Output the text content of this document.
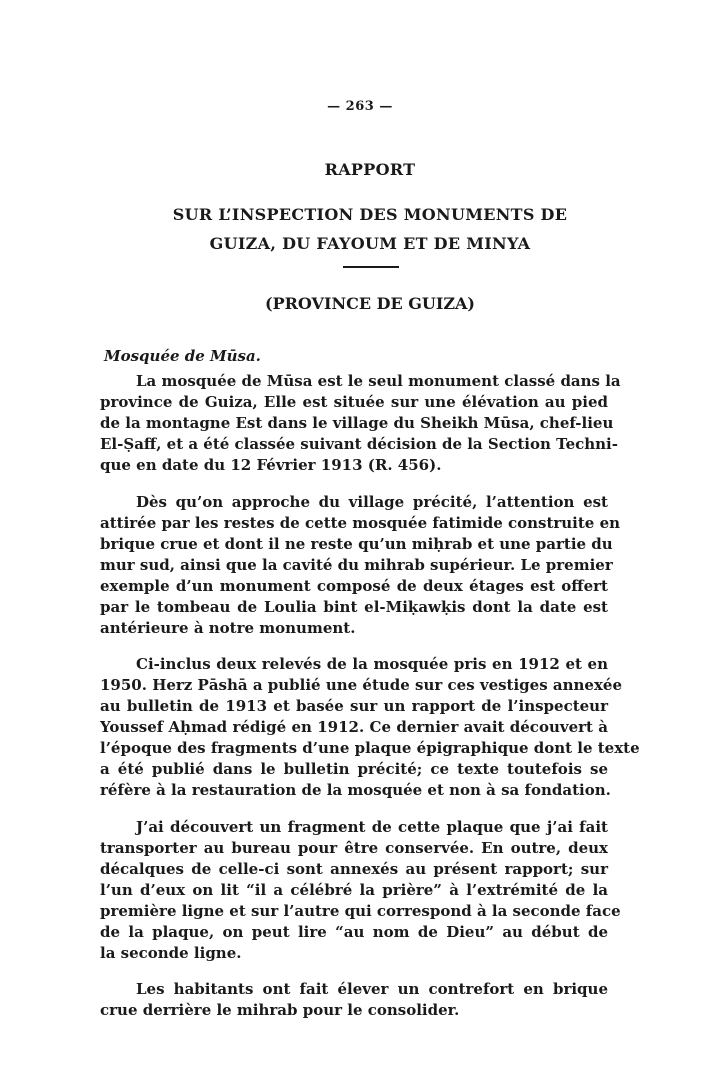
— 263 —
RAPPORT
SUR L’INSPECTION DES MONUMENTS DE
GUIZA, DU FAYOUM ET DE MINYA
(PROVINCE DE GUIZA)
Mosquée de Mūsa.
La mosquée de Mūsa est le seul monument classé dans la
province de Guiza, Elle est située sur une élévation au pied
de la montagne Est dans le village du Sheikh Mūsa, chef-lieu
El-Ṣaff, et a été classée suivant décision de la Section Techni-
que en date du 12 Février 1913 (R. 456).
Dès qu’on approche du village précité, l’attention est
attirée par les restes de cette mosquée fatimide construite en
brique crue et dont il ne reste qu’un miḥrab et une partie du
mur sud, ainsi que la cavité du mihrab supérieur. Le premier
exemple d’un monument composé de deux étages est offert
par le tombeau de Loulia bint el-Miḳawḳis dont la date est
antérieure à notre monument.
Ci-inclus deux relevés de la mosquée pris en 1912 et en
1950. Herz Pāshā a publié une étude sur ces vestiges annexée
au bulletin de 1913 et basée sur un rapport de l’inspecteur
Youssef Aḥmad rédigé en 1912. Ce dernier avait découvert à
l’époque des fragments d’une plaque épigraphique dont le texte
a été publié dans le bulletin précité; ce texte toutefois se
réfère à la restauration de la mosquée et non à sa fondation.
J’ai découvert un fragment de cette plaque que j’ai fait
transporter au bureau pour être conservée. En outre, deux
décalques de celle-ci sont annexés au présent rapport; sur
l’un d’eux on lit “il a célébré la prière” à l’extrémité de la
première ligne et sur l’autre qui correspond à la seconde face
de la plaque, on peut lire “au nom de Dieu” au début de
la seconde ligne.
Les habitants ont fait élever un contrefort en brique
crue derrière le mihrab pour le consolider.
